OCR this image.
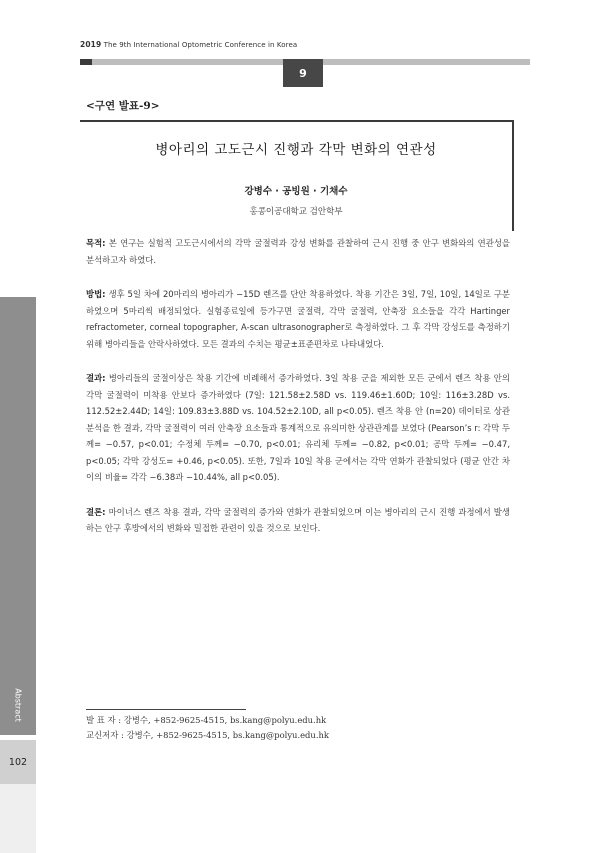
2019 The 9th International Optometric Conference in Korea
9
<구연 발표-9>
병아리의 고도근시 진행과 각막 변화의 연관성
강병수 · 공빙원 · 기채수
홍콩이공대학교 검안학부

목적: 본 연구는 실험적 고도근시에서의 각막 굴절력과 강성 변화를 관찰하여 근시 진행 중 안구 변화와의 연관성을 분석하고자 하였다.

방법: 생후 5일 차에 20마리의 병아리가 −15D 렌즈를 단안 착용하였다. 착용 기간은 3일, 7일, 10일, 14일로 구분하였으며 5마리씩 배정되었다. 실험종료일에 등가구면 굴절력, 각막 굴절력, 안축장 요소들을 각각 Hartinger refractometer, corneal topographer, A-scan ultrasonographer로 측정하였다. 그 후 각막 강성도를 측정하기 위해 병아리들을 안락사하였다. 모든 결과의 수치는 평균±표준편차로 나타내었다.

결과: 병아리들의 굴절이상은 착용 기간에 비례해서 증가하였다. 3일 착용 군을 제외한 모든 군에서 렌즈 착용 안의 각막 굴절력이 미착용 안보다 증가하였다 (7일: 121.58±2.58D vs. 119.46±1.60D; 10일: 116±3.28D vs. 112.52±2.44D; 14일: 109.83±3.88D vs. 104.52±2.10D, all p<0.05). 렌즈 착용 안 (n=20) 데이터로 상관분석을 한 결과, 각막 굴절력이 여러 안축장 요소들과 통계적으로 유의미한 상관관계를 보였다 (Pearson’s r: 각막 두께= −0.57, p<0.01; 수정체 두께= −0.70, p<0.01; 유리체 두께= −0.82, p<0.01; 공막 두께= −0.47, p<0.05; 각막 강성도= +0.46, p<0.05). 또한, 7일과 10일 착용 군에서는 각막 연화가 관찰되었다 (평균 안간 차이의 비율= 각각 −6.38과 −10.44%, all p<0.05).

결론: 마이너스 렌즈 착용 결과, 각막 굴절력의 증가와 연화가 관찰되었으며 이는 병아리의 근시 진행 과정에서 발생하는 안구 후방에서의 변화와 밀접한 관련이 있을 것으로 보인다.

Abstract
102
발 표 자 : 강병수, +852-9625-4515, bs.kang@polyu.edu.hk
교신저자 : 강병수, +852-9625-4515, bs.kang@polyu.edu.hk
